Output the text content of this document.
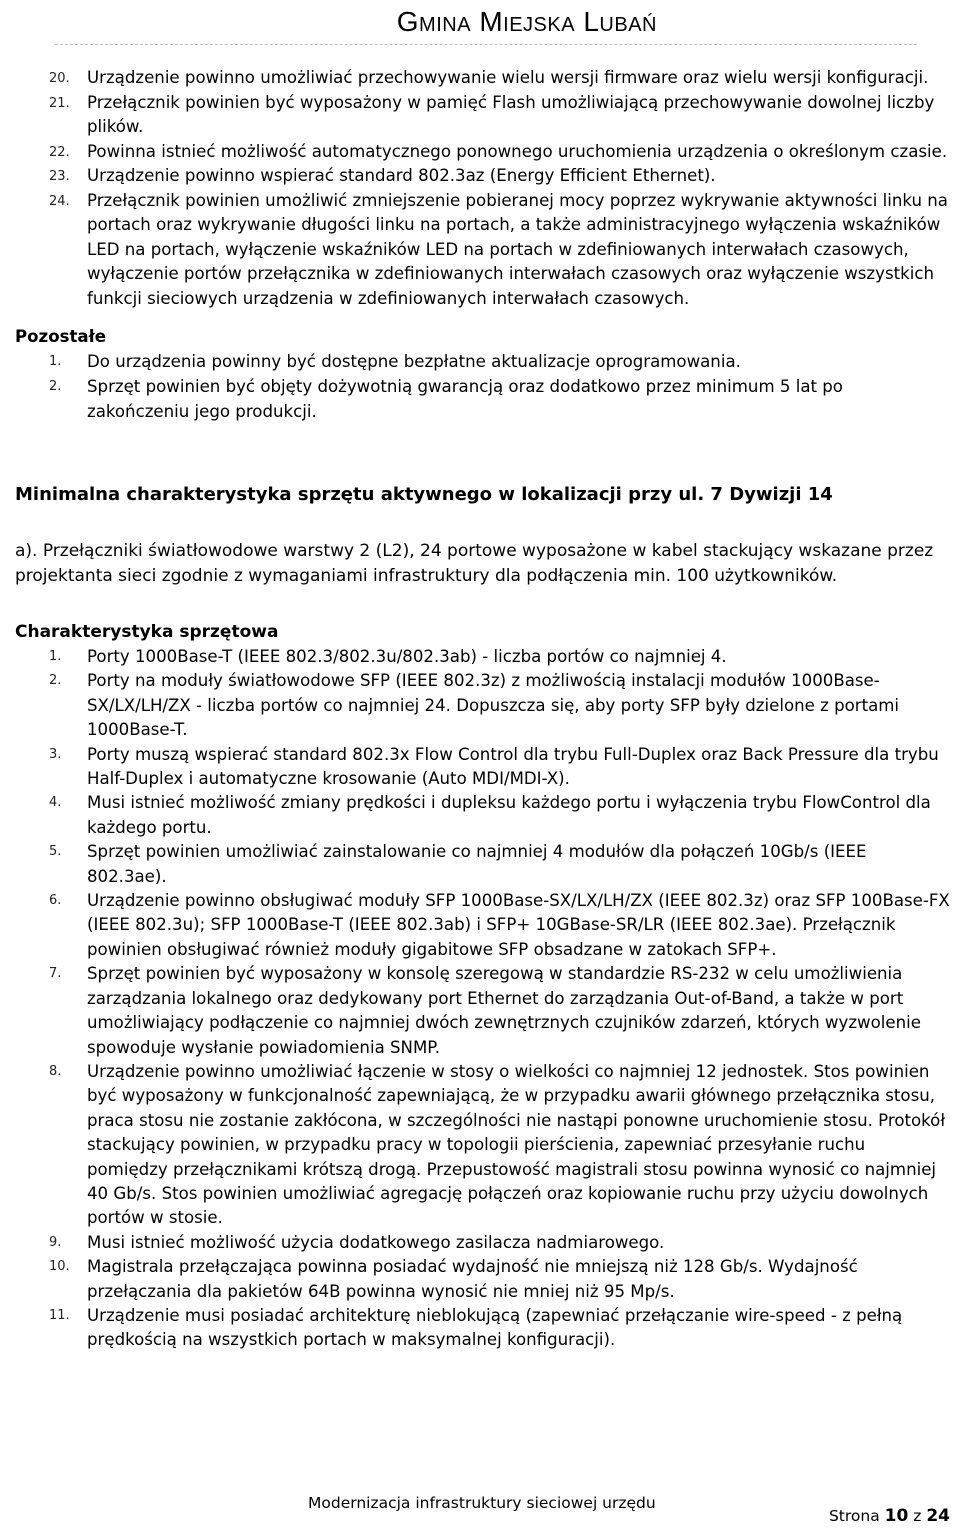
Gmina Miejska Lubań
20. Urządzenie powinno umożliwiać przechowywanie wielu wersji firmware oraz wielu wersji konfiguracji.
21. Przełącznik powinien być wyposażony w pamięć Flash umożliwiającą przechowywanie dowolnej liczby plików.
22. Powinna istnieć możliwość automatycznego ponownego uruchomienia urządzenia o określonym czasie.
23. Urządzenie powinno wspierać standard 802.3az (Energy Efficient Ethernet).
24. Przełącznik powinien umożliwić zmniejszenie pobieranej mocy poprzez wykrywanie aktywności linku na portach oraz wykrywanie długości linku na portach, a także administracyjnego wyłączenia wskaźników LED na portach, wyłączenie wskaźników LED na portach w zdefiniowanych interwałach czasowych, wyłączenie portów przełącznika w zdefiniowanych interwałach czasowych oraz wyłączenie wszystkich funkcji sieciowych urządzenia w zdefiniowanych interwałach czasowych.
Pozostałe
1. Do urządzenia powinny być dostępne bezpłatne aktualizacje oprogramowania.
2. Sprzęt powinien być objęty dożywotnią gwarancją oraz dodatkowo przez minimum 5 lat po zakończeniu jego produkcji.
Minimalna charakterystyka sprzętu aktywnego w lokalizacji przy ul. 7 Dywizji 14
a). Przełączniki światłowodowe warstwy 2 (L2), 24 portowe wyposażone w kabel stackujący wskazane przez projektanta sieci zgodnie z wymaganiami infrastruktury dla podłączenia min. 100 użytkowników.
Charakterystyka sprzętowa
1. Porty 1000Base-T (IEEE 802.3/802.3u/802.3ab) - liczba portów co najmniej 4.
2. Porty na moduły światłowodowe SFP (IEEE 802.3z) z możliwością instalacji modułów 1000Base-SX/LX/LH/ZX - liczba portów co najmniej 24. Dopuszcza się, aby porty SFP były dzielone z portami 1000Base-T.
3. Porty muszą wspierać standard 802.3x Flow Control dla trybu Full-Duplex oraz Back Pressure dla trybu Half-Duplex i automatyczne krosowanie (Auto MDI/MDI-X).
4. Musi istnieć możliwość zmiany prędkości i dupleksu każdego portu i wyłączenia trybu FlowControl dla każdego portu.
5. Sprzęt powinien umożliwiać zainstalowanie co najmniej 4 modułów dla połączeń 10Gb/s (IEEE 802.3ae).
6. Urządzenie powinno obsługiwać moduły SFP 1000Base-SX/LX/LH/ZX (IEEE 802.3z) oraz SFP 100Base-FX (IEEE 802.3u); SFP 1000Base-T (IEEE 802.3ab) i SFP+ 10GBase-SR/LR (IEEE 802.3ae). Przełącznik powinien obsługiwać również moduły gigabitowe SFP obsadzane w zatokach SFP+.
7. Sprzęt powinien być wyposażony w konsolę szeregową w standardzie RS-232 w celu umożliwienia zarządzania lokalnego oraz dedykowany port Ethernet do zarządzania Out-of-Band, a także w port umożliwiający podłączenie co najmniej dwóch zewnętrznych czujników zdarzeń, których wyzwolenie spowoduje wysłanie powiadomienia SNMP.
8. Urządzenie powinno umożliwiać łączenie w stosy o wielkości co najmniej 12 jednostek. Stos powinien być wyposażony w funkcjonalność zapewniającą, że w przypadku awarii głównego przełącznika stosu, praca stosu nie zostanie zakłócona, w szczególności nie nastąpi ponowne uruchomienie stosu. Protokół stackujący powinien, w przypadku pracy w topologii pierścienia, zapewniać przesyłanie ruchu pomiędzy przełącznikami krótszą drogą. Przepustowość magistrali stosu powinna wynosić co najmniej 40 Gb/s. Stos powinien umożliwiać agregację połączeń oraz kopiowanie ruchu przy użyciu dowolnych portów w stosie.
9. Musi istnieć możliwość użycia dodatkowego zasilacza nadmiarowego.
10. Magistrala przełączająca powinna posiadać wydajność nie mniejszą niż 128 Gb/s. Wydajność przełączania dla pakietów 64B powinna wynosić nie mniej niż 95 Mp/s.
11. Urządzenie musi posiadać architekturę nieblokującą (zapewniać przełączanie wire-speed - z pełną prędkością na wszystkich portach w maksymalnej konfiguracji).
Modernizacja infrastruktury sieciowej urzędu
Strona 10 z 24
